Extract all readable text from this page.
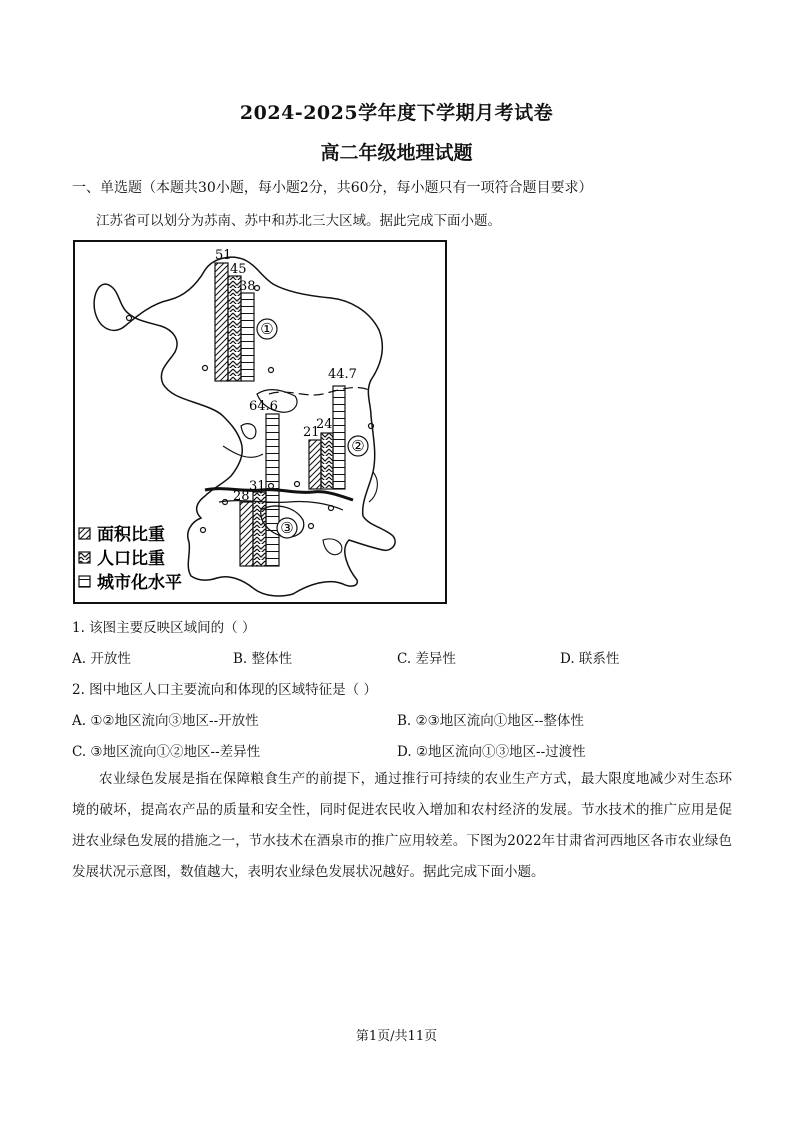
2024-2025学年度下学期月考试卷
高二年级地理试题
一、单选题（本题共30小题，每小题2分，共60分，每小题只有一项符合题目要求）
江苏省可以划分为苏南、苏中和苏北三大区域。据此完成下面小题。
51
45
38
①
21
24
44.7
②
28
31
64.6
③
面积比重
人口比重
城市化水平
1. 该图主要反映区域间的（ ）
A. 开放性	B. 整体性	C. 差异性	D. 联系性
2. 图中地区人口主要流向和体现的区域特征是（ ）
A. ①②地区流向③地区--开放性	B. ②③地区流向①地区--整体性
C. ③地区流向①②地区--差异性	D. ②地区流向①③地区--过渡性

农业绿色发展是指在保障粮食生产的前提下，通过推行可持续的农业生产方式，最大限度地减少对生态环境的破坏，提高农产品的质量和安全性，同时促进农民收入增加和农村经济的发展。节水技术的推广应用是促进农业绿色发展的措施之一，节水技术在酒泉市的推广应用较差。下图为2022年甘肃省河西地区各市农业绿色发展状况示意图，数值越大，表明农业绿色发展状况越好。据此完成下面小题。

第1页/共11页
